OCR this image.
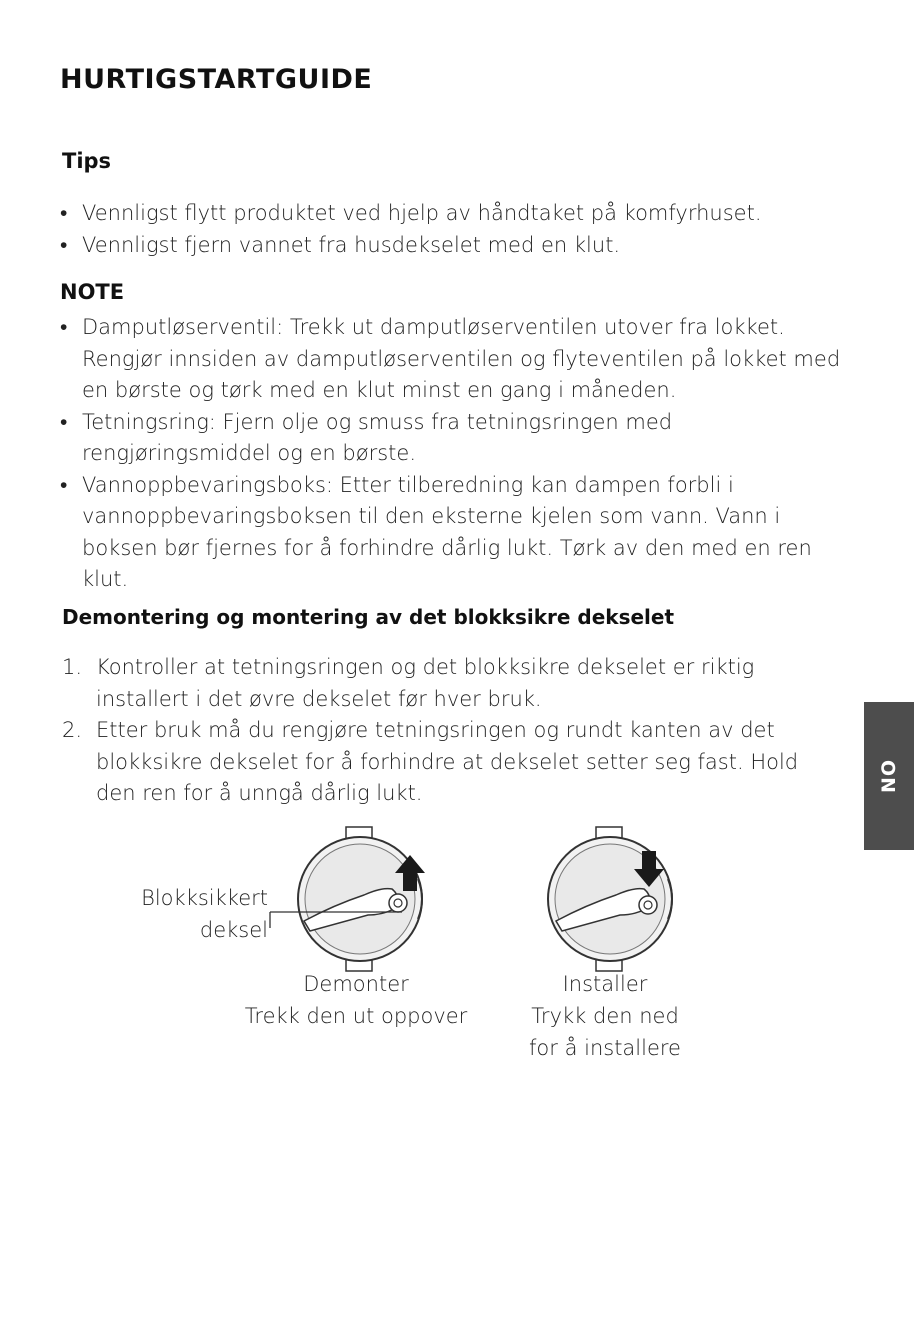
HURTIGSTARTGUIDE
Tips
• Vennligst flytt produktet ved hjelp av håndtaket på komfyrhuset.
• Vennligst fjern vannet fra husdekselet med en klut.
NOTE
• Damputløserventil: Trekk ut damputløserventilen utover fra lokket. Rengjør innsiden av damputløserventilen og flyteventilen på lokket med en børste og tørk med en klut minst en gang i måneden.
• Tetningsring: Fjern olje og smuss fra tetningsringen med rengjøringsmiddel og en børste.
• Vannoppbevaringsboks: Etter tilberedning kan dampen forbli i vannoppbevaringsboksen til den eksterne kjelen som vann. Vann i boksen bør fjernes for å forhindre dårlig lukt. Tørk av den med en ren klut.
Demontering og montering av det blokksikre dekselet
1. Kontroller at tetningsringen og det blokksikre dekselet er riktig installert i det øvre dekselet før hver bruk.
2. Etter bruk må du rengjøre tetningsringen og rundt kanten av det blokksikre dekselet for å forhindre at dekselet setter seg fast. Hold den ren for å unngå dårlig lukt.	NO
Blokksikkert
deksel
Demonter
Trekk den ut oppover
Installer
Trykk den ned
for å installere
